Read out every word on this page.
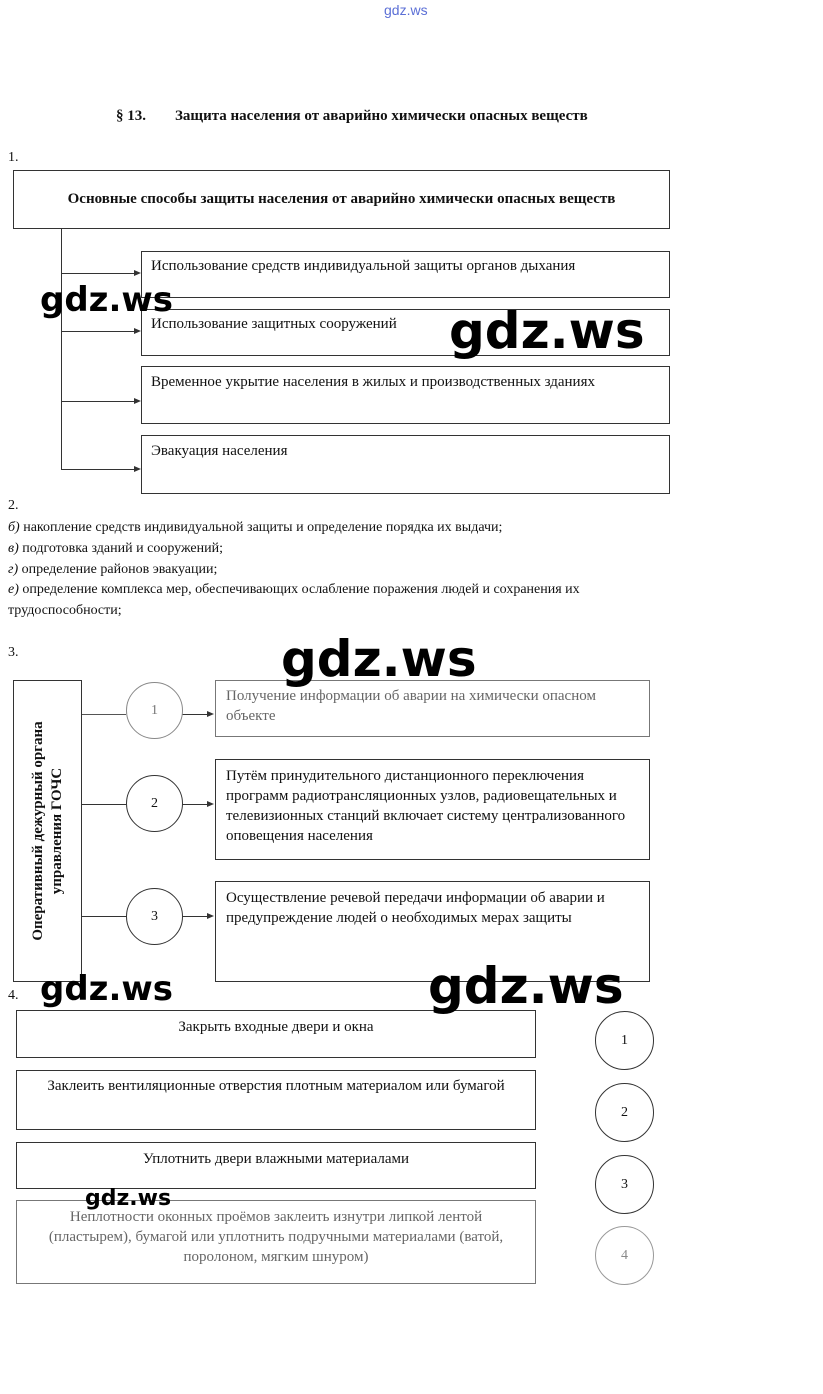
gdz.ws
§ 13. Защита населения от аварийно химически опасных веществ
1.
Основные способы защиты населения от аварийно химически опасных веществ
Использование средств индивидуальной защиты органов дыхания
Использование защитных сооружений
Временное укрытие населения в жилых и производственных зданиях
Эвакуация населения
2.
б) накопление средств индивидуальной защиты и определение порядка их выдачи;
в) подготовка зданий и сооружений;
г) определение районов эвакуации;
е) определение комплекса мер, обеспечивающих ослабление поражения людей и сохранения их
трудоспособности;
3.
Оперативный дежурный органа управления ГОЧС
1
2
3
Получение информации об аварии на химически опасном объекте
Путём принудительного дистанционного переключения программ радиотрансляционных узлов, радиовещательных и телевизионных станций включает систему централизованного оповещения населения
Осуществление речевой передачи информации об аварии и предупреждение людей о необходимых мерах защиты
4.
Закрыть входные двери и окна
Заклеить вентиляционные отверстия плотным материалом или бумагой
Уплотнить двери влажными материалами
Неплотности оконных проёмов заклеить изнутри липкой лентой (пластырем), бумагой или уплотнить подручными материалами (ватой, поролоном, мягким шнуром)
1
2
3
4
gdz.ws
gdz.ws
gdz.ws
gdz.ws	gdz.ws
gdz.ws
